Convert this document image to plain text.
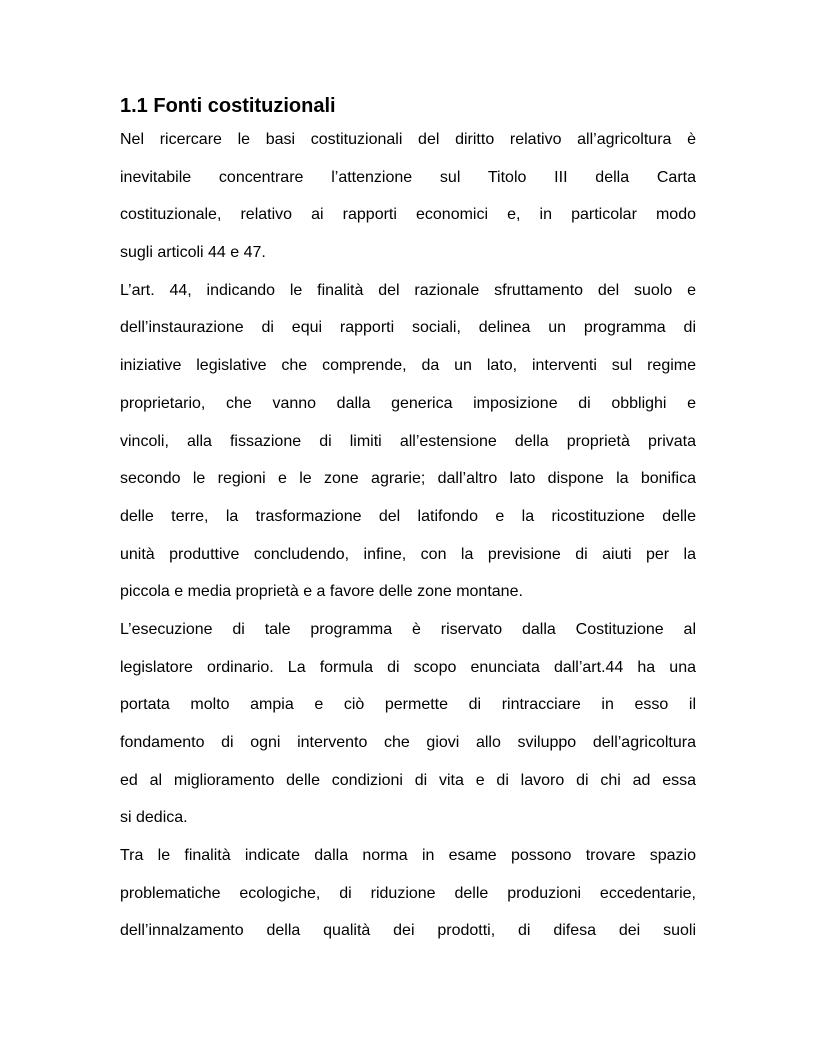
1.1 Fonti costituzionali
Nel ricercare le basi costituzionali del diritto relativo all’agricoltura è
inevitabile concentrare l’attenzione sul Titolo III della Carta
costituzionale, relativo ai rapporti economici e, in particolar modo
sugli articoli 44 e 47.
L’art. 44, indicando le finalità del razionale sfruttamento del suolo e
dell’instaurazione di equi rapporti sociali, delinea un programma di
iniziative legislative che comprende, da un lato, interventi sul regime
proprietario, che vanno dalla generica imposizione di obblighi e
vincoli, alla fissazione di limiti all’estensione della proprietà privata
secondo le regioni e le zone agrarie; dall’altro lato dispone la bonifica
delle terre, la trasformazione del latifondo e la ricostituzione delle
unità produttive concludendo, infine, con la previsione di aiuti per la
piccola e media proprietà e a favore delle zone montane.
L’esecuzione di tale programma è riservato dalla Costituzione al
legislatore ordinario. La formula di scopo enunciata dall’art.44 ha una
portata molto ampia e ciò permette di rintracciare in esso il
fondamento di ogni intervento che giovi allo sviluppo dell’agricoltura
ed al miglioramento delle condizioni di vita e di lavoro di chi ad essa
si dedica.
Tra le finalità indicate dalla norma in esame possono trovare spazio
problematiche ecologiche, di riduzione delle produzioni eccedentarie,
dell’innalzamento della qualità dei prodotti, di difesa dei suoli
